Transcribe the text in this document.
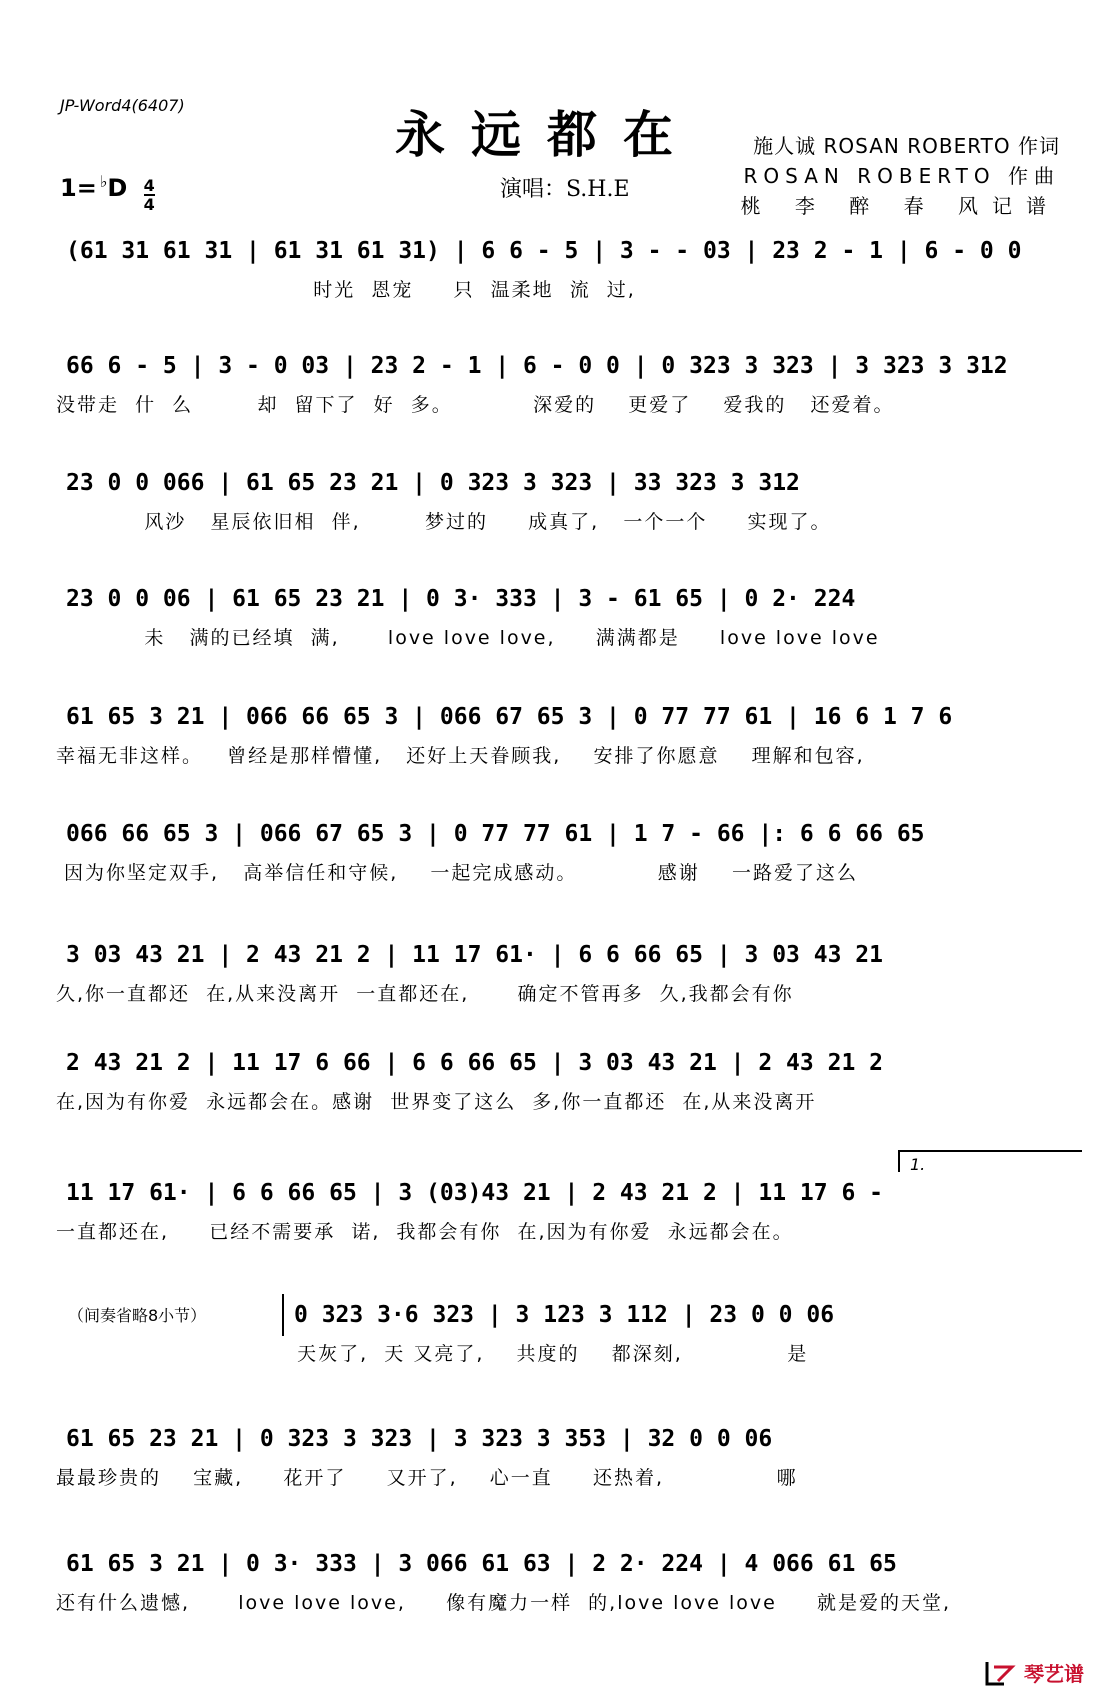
JP-Word4(6407)	永远都在	施人诚 ROSAN ROBERTO 作词
ROSAN ROBERTO 作曲
桃 李 醉 春 风记谱
$1= ^♭D \frac{4}{4}$	演唱：S.H.E
(61 31 61 31 | 61 31 61 31) | 6 6 - 5 | 3 - - 03 | 23 2 - 1 | 6 - 0 0
时光  恩宠     只  温柔地  流  过,
66 6 - 5 | 3 - 0 03 | 23 2 - 1 | 6 - 0 0 | 0 323 3 323 | 3 323 3 312
没带走  什  么        却  留下了  好  多。          深爱的    更爱了    爱我的   还爱着。
23 0 0 066 | 61 65 23 21 | 0 323 3 323 | 33 323 3 312
风沙   星辰依旧相  伴,        梦过的     成真了,   一个一个     实现了。
23 0 0 06 | 61 65 23 21 | 0 3· 333 | 3 - 61 65 | 0 2· 224
未   满的已经填  满,      love love love,     满满都是     love love love
61 65 3 21 | 066 66 65 3 | 066 67 65 3 | 0 77 77 61 | 16 6 1 7 6
幸福无非这样。   曾经是那样懵懂,   还好上天眷顾我,    安排了你愿意    理解和包容,
066 66 65 3 | 066 67 65 3 | 0 77 77 61 | 1 7 - 66 |: 6 6 66 65
因为你坚定双手,   高举信任和守候,    一起完成感动。          感谢    一路爱了这么
3 03 43 21 | 2 43 21 2 | 11 17 61· | 6 6 66 65 | 3 03 43 21
久,你一直都还  在,从来没离开  一直都还在,      确定不管再多  久,我都会有你
2 43 21 2 | 11 17 6 66 | 6 6 66 65 | 3 03 43 21 | 2 43 21 2
在,因为有你爱  永远都会在。感谢  世界变了这么  多,你一直都还  在,从来没离开
1.
11 17 61· | 6 6 66 65 | 3 (03)43 21 | 2 43 21 2 | 11 17 6 -
一直都还在,     已经不需要承  诺,  我都会有你  在,因为有你爱  永远都会在。
（间奏省略8小节）	0 323 3·6 323 | 3 123 3 112 | 23 0 0 06
天灰了,  天 又亮了,    共度的    都深刻,             是
61 65 23 21 | 0 323 3 323 | 3 323 3 353 | 32 0 0 06
最最珍贵的    宝藏,     花开了     又开了,    心一直     还热着,              哪
61 65 3 21 | 0 3· 333 | 3 066 61 63 | 2 2· 224 | 4 066 61 65
还有什么遗憾,      love love love,     像有魔力一样  的,love love love     就是爱的天堂,
琴艺谱
